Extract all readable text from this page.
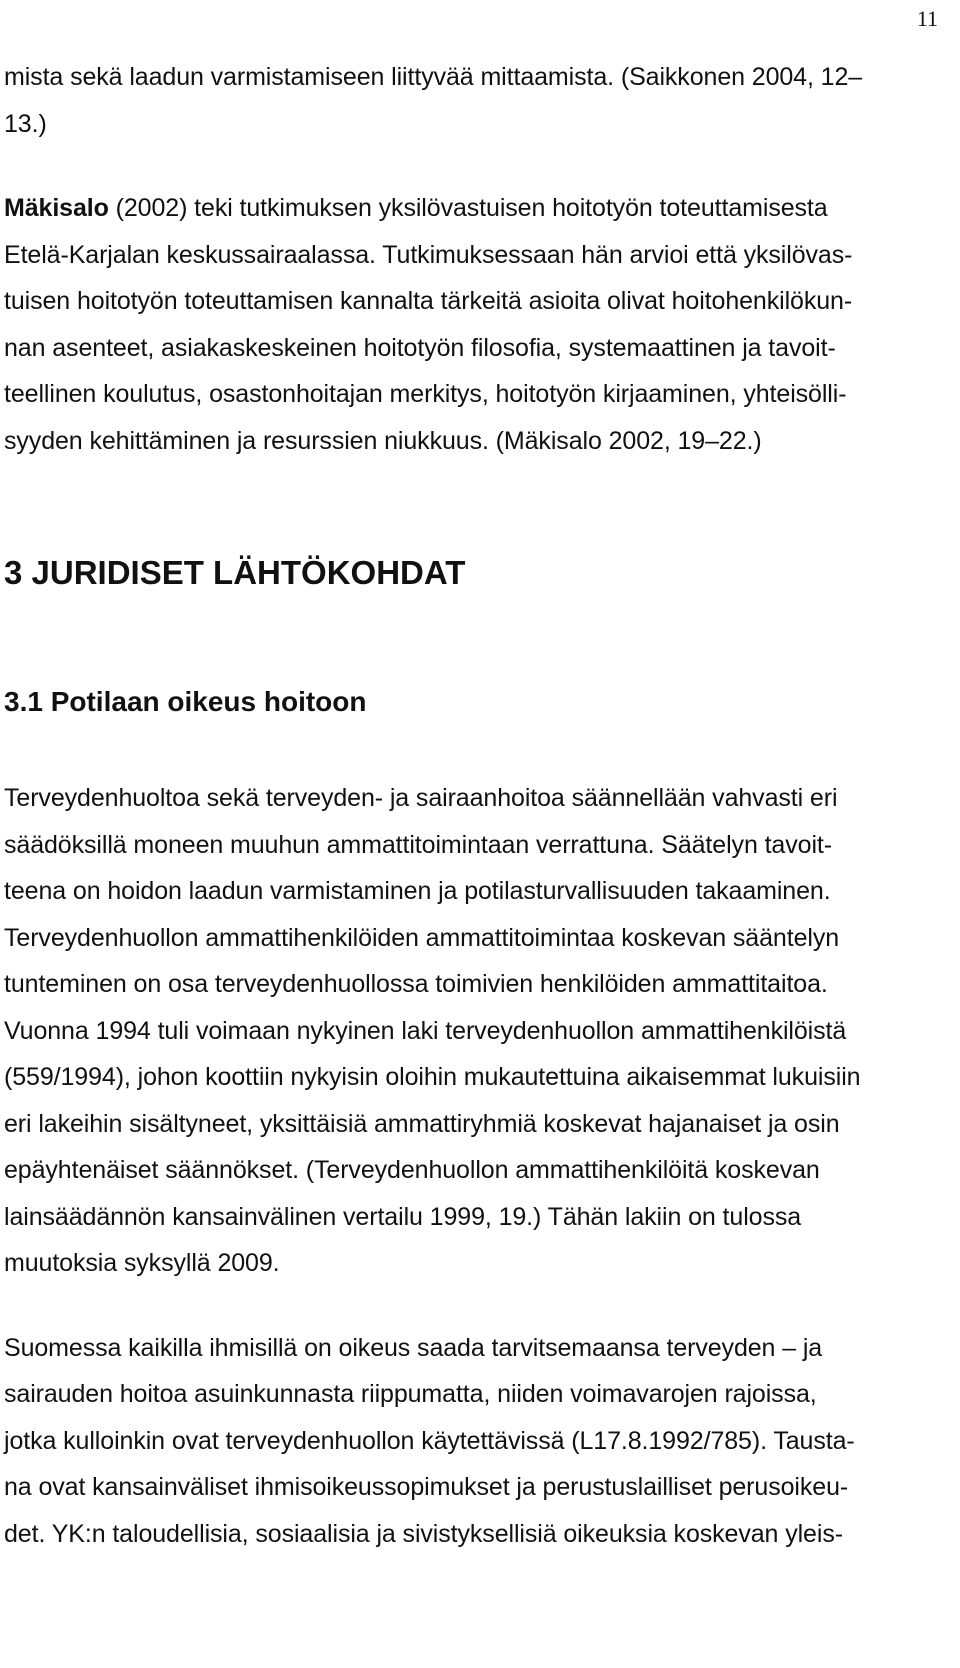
11
mista sekä laadun varmistamiseen liittyvää mittaamista. (Saikkonen 2004, 12–
13.)
Mäkisalo (2002) teki tutkimuksen yksilövastuisen hoitotyön toteuttamisesta
Etelä-Karjalan keskussairaalassa. Tutkimuksessaan hän arvioi että yksilövas-
tuisen hoitotyön toteuttamisen kannalta tärkeitä asioita olivat hoitohenkilökun-
nan asenteet, asiakaskeskeinen hoitotyön filosofia, systemaattinen ja tavoit-
teellinen koulutus, osastonhoitajan merkitys, hoitotyön kirjaaminen, yhteisölli-
syyden kehittäminen ja resurssien niukkuus. (Mäkisalo 2002, 19–22.)
3 JURIDISET LÄHTÖKOHDAT
3.1 Potilaan oikeus hoitoon
Terveydenhuoltoa sekä terveyden- ja sairaanhoitoa säännellään vahvasti eri
säädöksillä moneen muuhun ammattitoimintaan verrattuna. Säätelyn tavoit-
teena on hoidon laadun varmistaminen ja potilasturvallisuuden takaaminen.
Terveydenhuollon ammattihenkilöiden ammattitoimintaa koskevan sääntelyn
tunteminen on osa terveydenhuollossa toimivien henkilöiden ammattitaitoa.
Vuonna 1994 tuli voimaan nykyinen laki terveydenhuollon ammattihenkilöistä
(559/1994), johon koottiin nykyisin oloihin mukautettuina aikaisemmat lukuisiin
eri lakeihin sisältyneet, yksittäisiä ammattiryhmiä koskevat hajanaiset ja osin
epäyhtenäiset säännökset. (Terveydenhuollon ammattihenkilöitä koskevan
lainsäädännön kansainvälinen vertailu 1999, 19.) Tähän lakiin on tulossa
muutoksia syksyllä 2009.
Suomessa kaikilla ihmisillä on oikeus saada tarvitsemaansa terveyden – ja
sairauden hoitoa asuinkunnasta riippumatta, niiden voimavarojen rajoissa,
jotka kulloinkin ovat terveydenhuollon käytettävissä (L17.8.1992/785). Tausta-
na ovat kansainväliset ihmisoikeussopimukset ja perustuslailliset perusoikeu-
det. YK:n taloudellisia, sosiaalisia ja sivistyksellisiä oikeuksia koskevan yleis-
